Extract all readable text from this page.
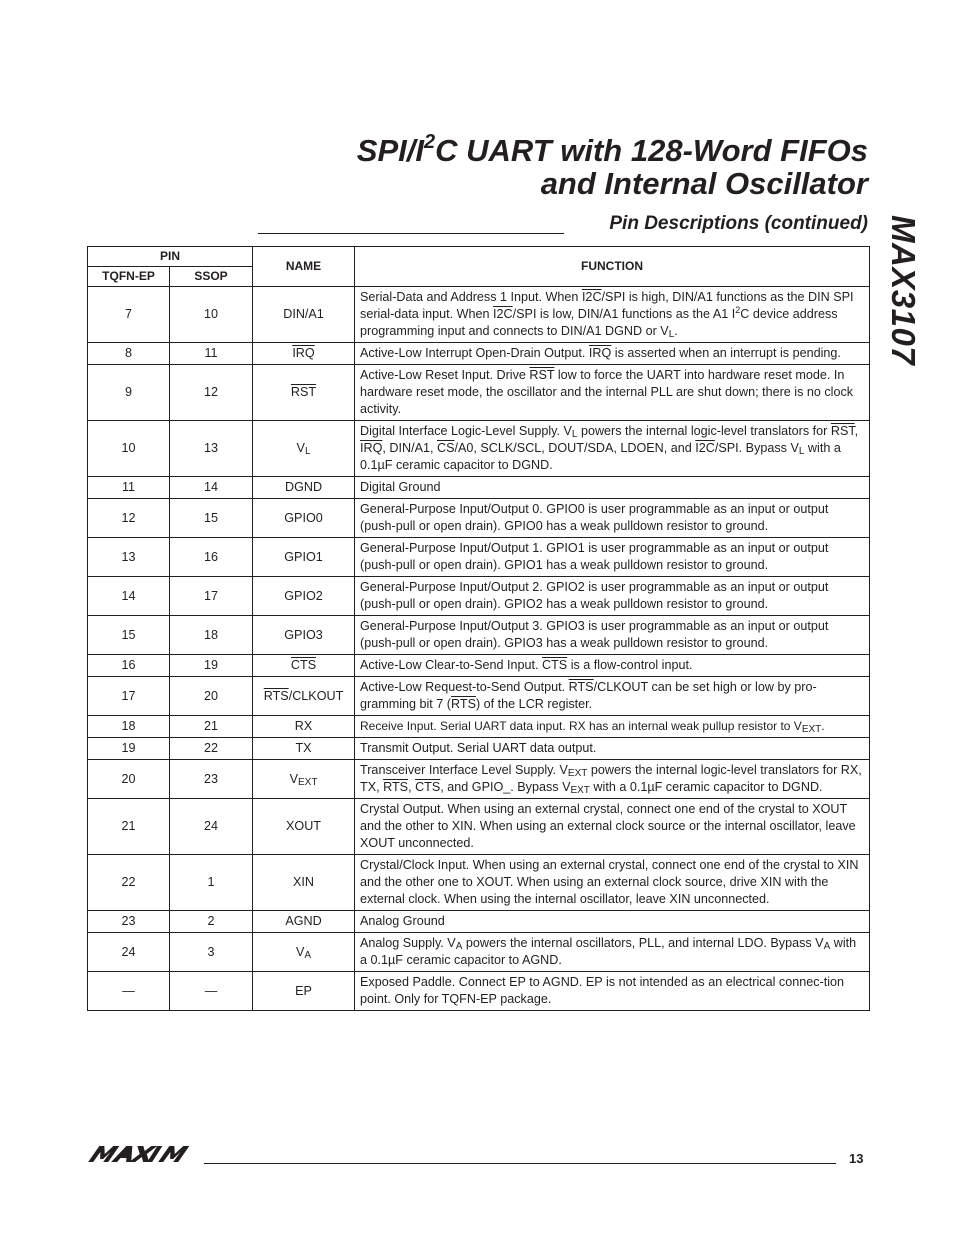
SPI/$I^2C$ UART with 128-Word FIFOs
and Internal Oscillator
Pin Descriptions (continued) MAX3107
PIN		NAME	FUNCTION
TQFN-EP	SSOP		
7	10	DIN/A1	Serial-Data and Address 1 Input. When I2C/SPI is high, DIN/A1 functions as the DIN SPI serial-data input. When I2C/SPI is low, DIN/A1 functions as the A1 $I^2C$ device address programming input and connects to DIN/A1 DGND or $V_L$.
8	11	$\overline{IRQ}$	Active-Low Interrupt Open-Drain Output. $\overline{IRQ}$ is asserted when an interrupt is pending.
9	12	$\overline{RST}$	Active-Low Reset Input. Drive $\overline{RST}$ low to force the UART into hardware reset mode. In hardware reset mode, the oscillator and the internal PLL are shut down; there is no clock activity.
10	13	$V_L$	Digital Interface Logic-Level Supply. $V_L$ powers the internal logic-level translators for $\overline{RST}$, $\overline{IRQ}$, DIN/A1, $\overline{CS}/A0$, SCLK/SCL, DOUT/SDA, LDOEN, and I2C/SPI. Bypass $V_L$ with a 0.1µF ceramic capacitor to DGND.
11	14	DGND	Digital Ground
12	15	GPIO0	General-Purpose Input/Output 0. GPIO0 is user programmable as an input or output (push-pull or open drain). GPIO0 has a weak pulldown resistor to ground.
13	16	GPIO1	General-Purpose Input/Output 1. GPIO1 is user programmable as an input or output (push-pull or open drain). GPIO1 has a weak pulldown resistor to ground.
14	17	GPIO2	General-Purpose Input/Output 2. GPIO2 is user programmable as an input or output (push-pull or open drain). GPIO2 has a weak pulldown resistor to ground.
15	18	GPIO3	General-Purpose Input/Output 3. GPIO3 is user programmable as an input or output (push-pull or open drain). GPIO3 has a weak pulldown resistor to ground.
16	19	$\overline{CTS}$	Active-Low Clear-to-Send Input. $\overline{CTS}$ is a flow-control input.
17	20	$\overline{RTS}$/CLKOUT	Active-Low Request-to-Send Output. $\overline{RTS}$/CLKOUT can be set high or low by pro-gramming bit 7 $(\overline{RTS})$ of the LCR register.
18	21	RX	Receive Input. Serial UART data input. RX has an internal weak pullup resistor to $V_{EXT}$.
19	22	TX	Transmit Output. Serial UART data output.
20	23	$V_{EXT}$	Transceiver Interface Level Supply. $V_{EXT}$ powers the internal logic-level translators for RX, TX, $\overline{RTS}$, $\overline{CTS}$, and GPIO_. Bypass $V_{EXT}$ with a 0.1µF ceramic capacitor to DGND.
21	24	XOUT	Crystal Output. When using an external crystal, connect one end of the crystal to XOUT and the other to XIN. When using an external clock source or the internal oscillator, leave XOUT unconnected.
22	1	XIN	Crystal/Clock Input. When using an external crystal, connect one end of the crystal to XIN and the other one to XOUT. When using an external clock source, drive XIN with the external clock. When using the internal oscillator, leave XIN unconnected.
23	2	AGND	Analog Ground
24	3	$V_A$	Analog Supply. $V_A$ powers the internal oscillators, PLL, and internal LDO. Bypass $V_A$ with a 0.1µF ceramic capacitor to AGND.
—	—	EP	Exposed Paddle. Connect EP to AGND. EP is not intended as an electrical connec-tion point. Only for TQFN-EP package.
MAXIM
13
